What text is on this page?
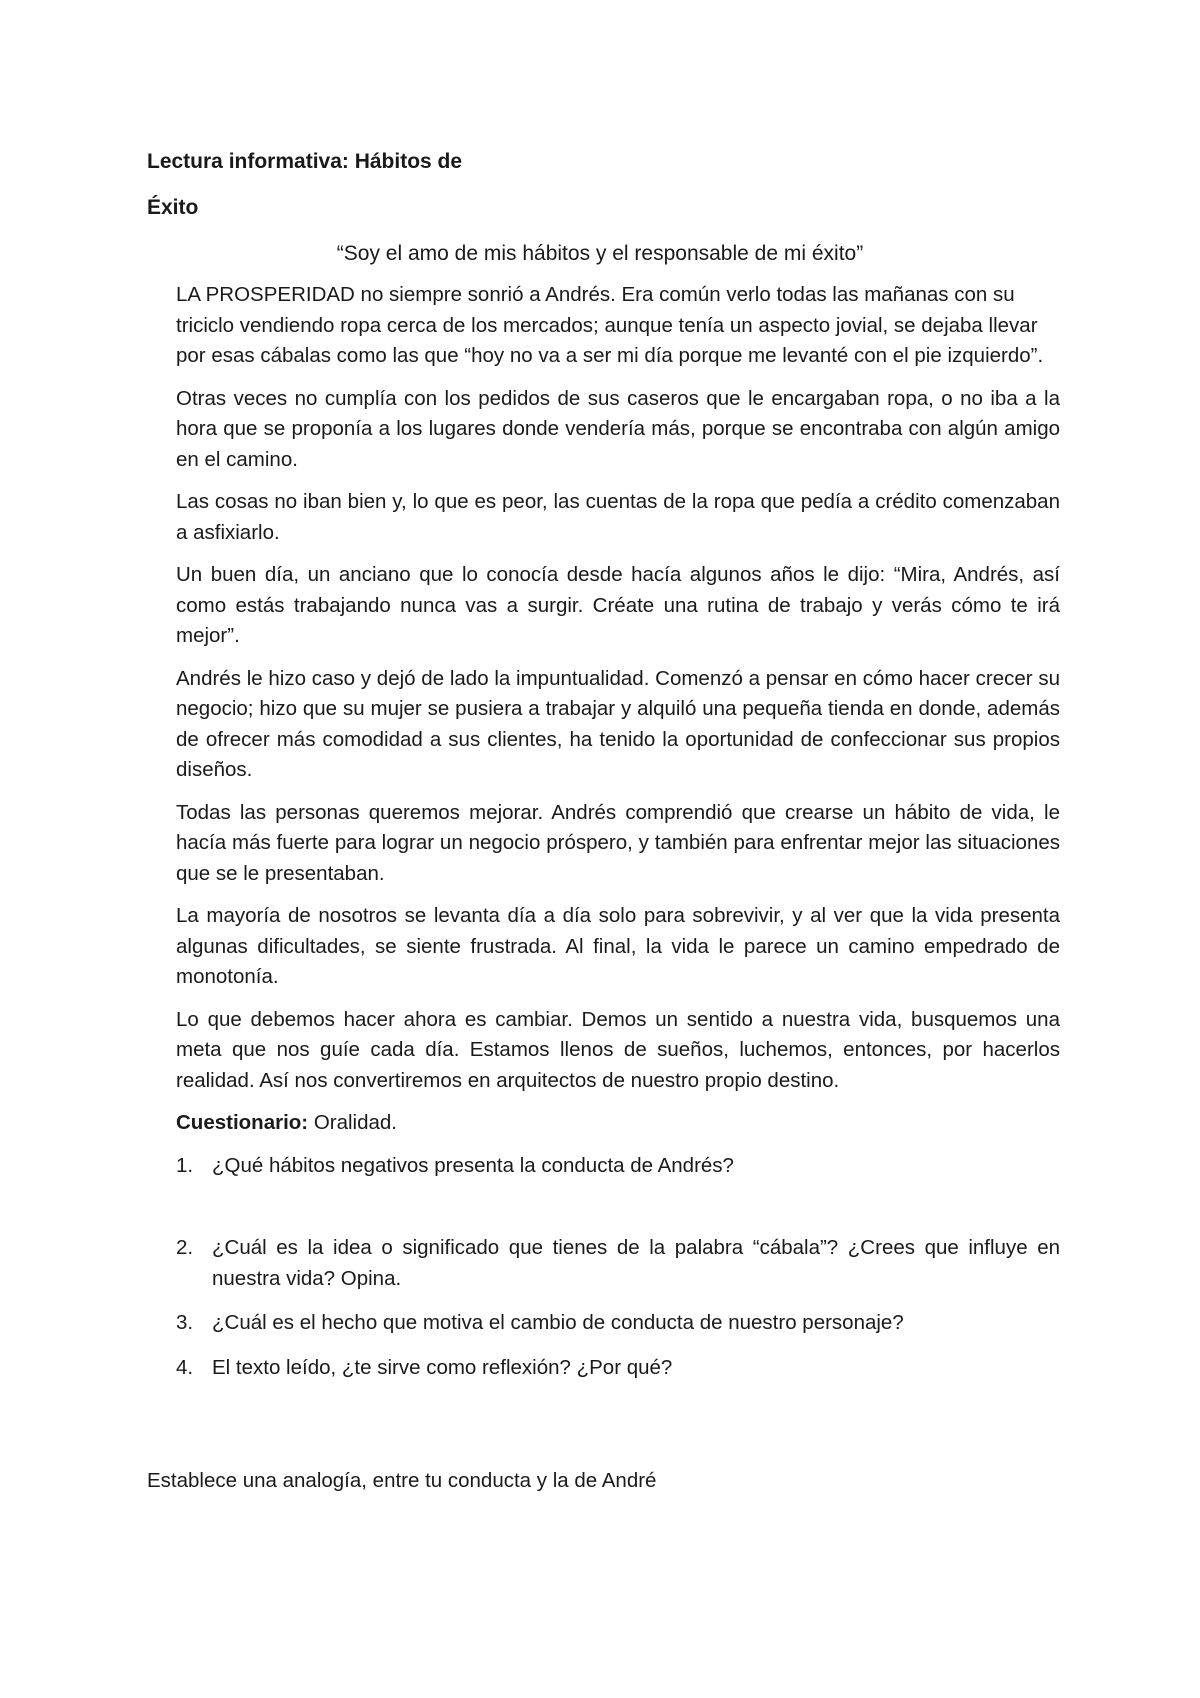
Lectura informativa: Hábitos de
Éxito
“Soy el amo de mis hábitos y el responsable de mi éxito”

LA PROSPERIDAD no siempre sonrió a Andrés. Era común verlo todas las mañanas con su triciclo vendiendo ropa cerca de los mercados; aunque tenía un aspecto jovial, se dejaba llevar por esas cábalas como las que “hoy no va a ser mi día porque me levanté con el pie izquierdo”.

Otras veces no cumplía con los pedidos de sus caseros que le encargaban ropa, o no iba a la hora que se proponía a los lugares donde vendería más, porque se encontraba con algún amigo en el camino.

Las cosas no iban bien y, lo que es peor, las cuentas de la ropa que pedía a crédito comenzaban a asfixiarlo.

Un buen día, un anciano que lo conocía desde hacía algunos años le dijo: “Mira, Andrés, así como estás trabajando nunca vas a surgir. Créate una rutina de trabajo y verás cómo te irá mejor”.

Andrés le hizo caso y dejó de lado la impuntualidad. Comenzó a pensar en cómo hacer crecer su negocio; hizo que su mujer se pusiera a trabajar y alquiló una pequeña tienda en donde, además de ofrecer más comodidad a sus clientes, ha tenido la oportunidad de confeccionar sus propios diseños.

Todas las personas queremos mejorar. Andrés comprendió que crearse un hábito de vida, le hacía más fuerte para lograr un negocio próspero, y también para enfrentar mejor las situaciones que se le presentaban.

La mayoría de nosotros se levanta día a día solo para sobrevivir, y al ver que la vida presenta algunas dificultades, se siente frustrada. Al final, la vida le parece un camino empedrado de monotonía.

Lo que debemos hacer ahora es cambiar. Demos un sentido a nuestra vida, busquemos una meta que nos guíe cada día. Estamos llenos de sueños, luchemos, entonces, por hacerlos realidad. Así nos convertiremos en arquitectos de nuestro propio destino.

Cuestionario: Oralidad.
1. ¿Qué hábitos negativos presenta la conducta de Andrés?
2. ¿Cuál es la idea o significado que tienes de la palabra “cábala”? ¿Crees que influye en nuestra vida? Opina.
3. ¿Cuál es el hecho que motiva el cambio de conducta de nuestro personaje?
4. El texto leído, ¿te sirve como reflexión? ¿Por qué?
Establece una analogía, entre tu conducta y la de André
